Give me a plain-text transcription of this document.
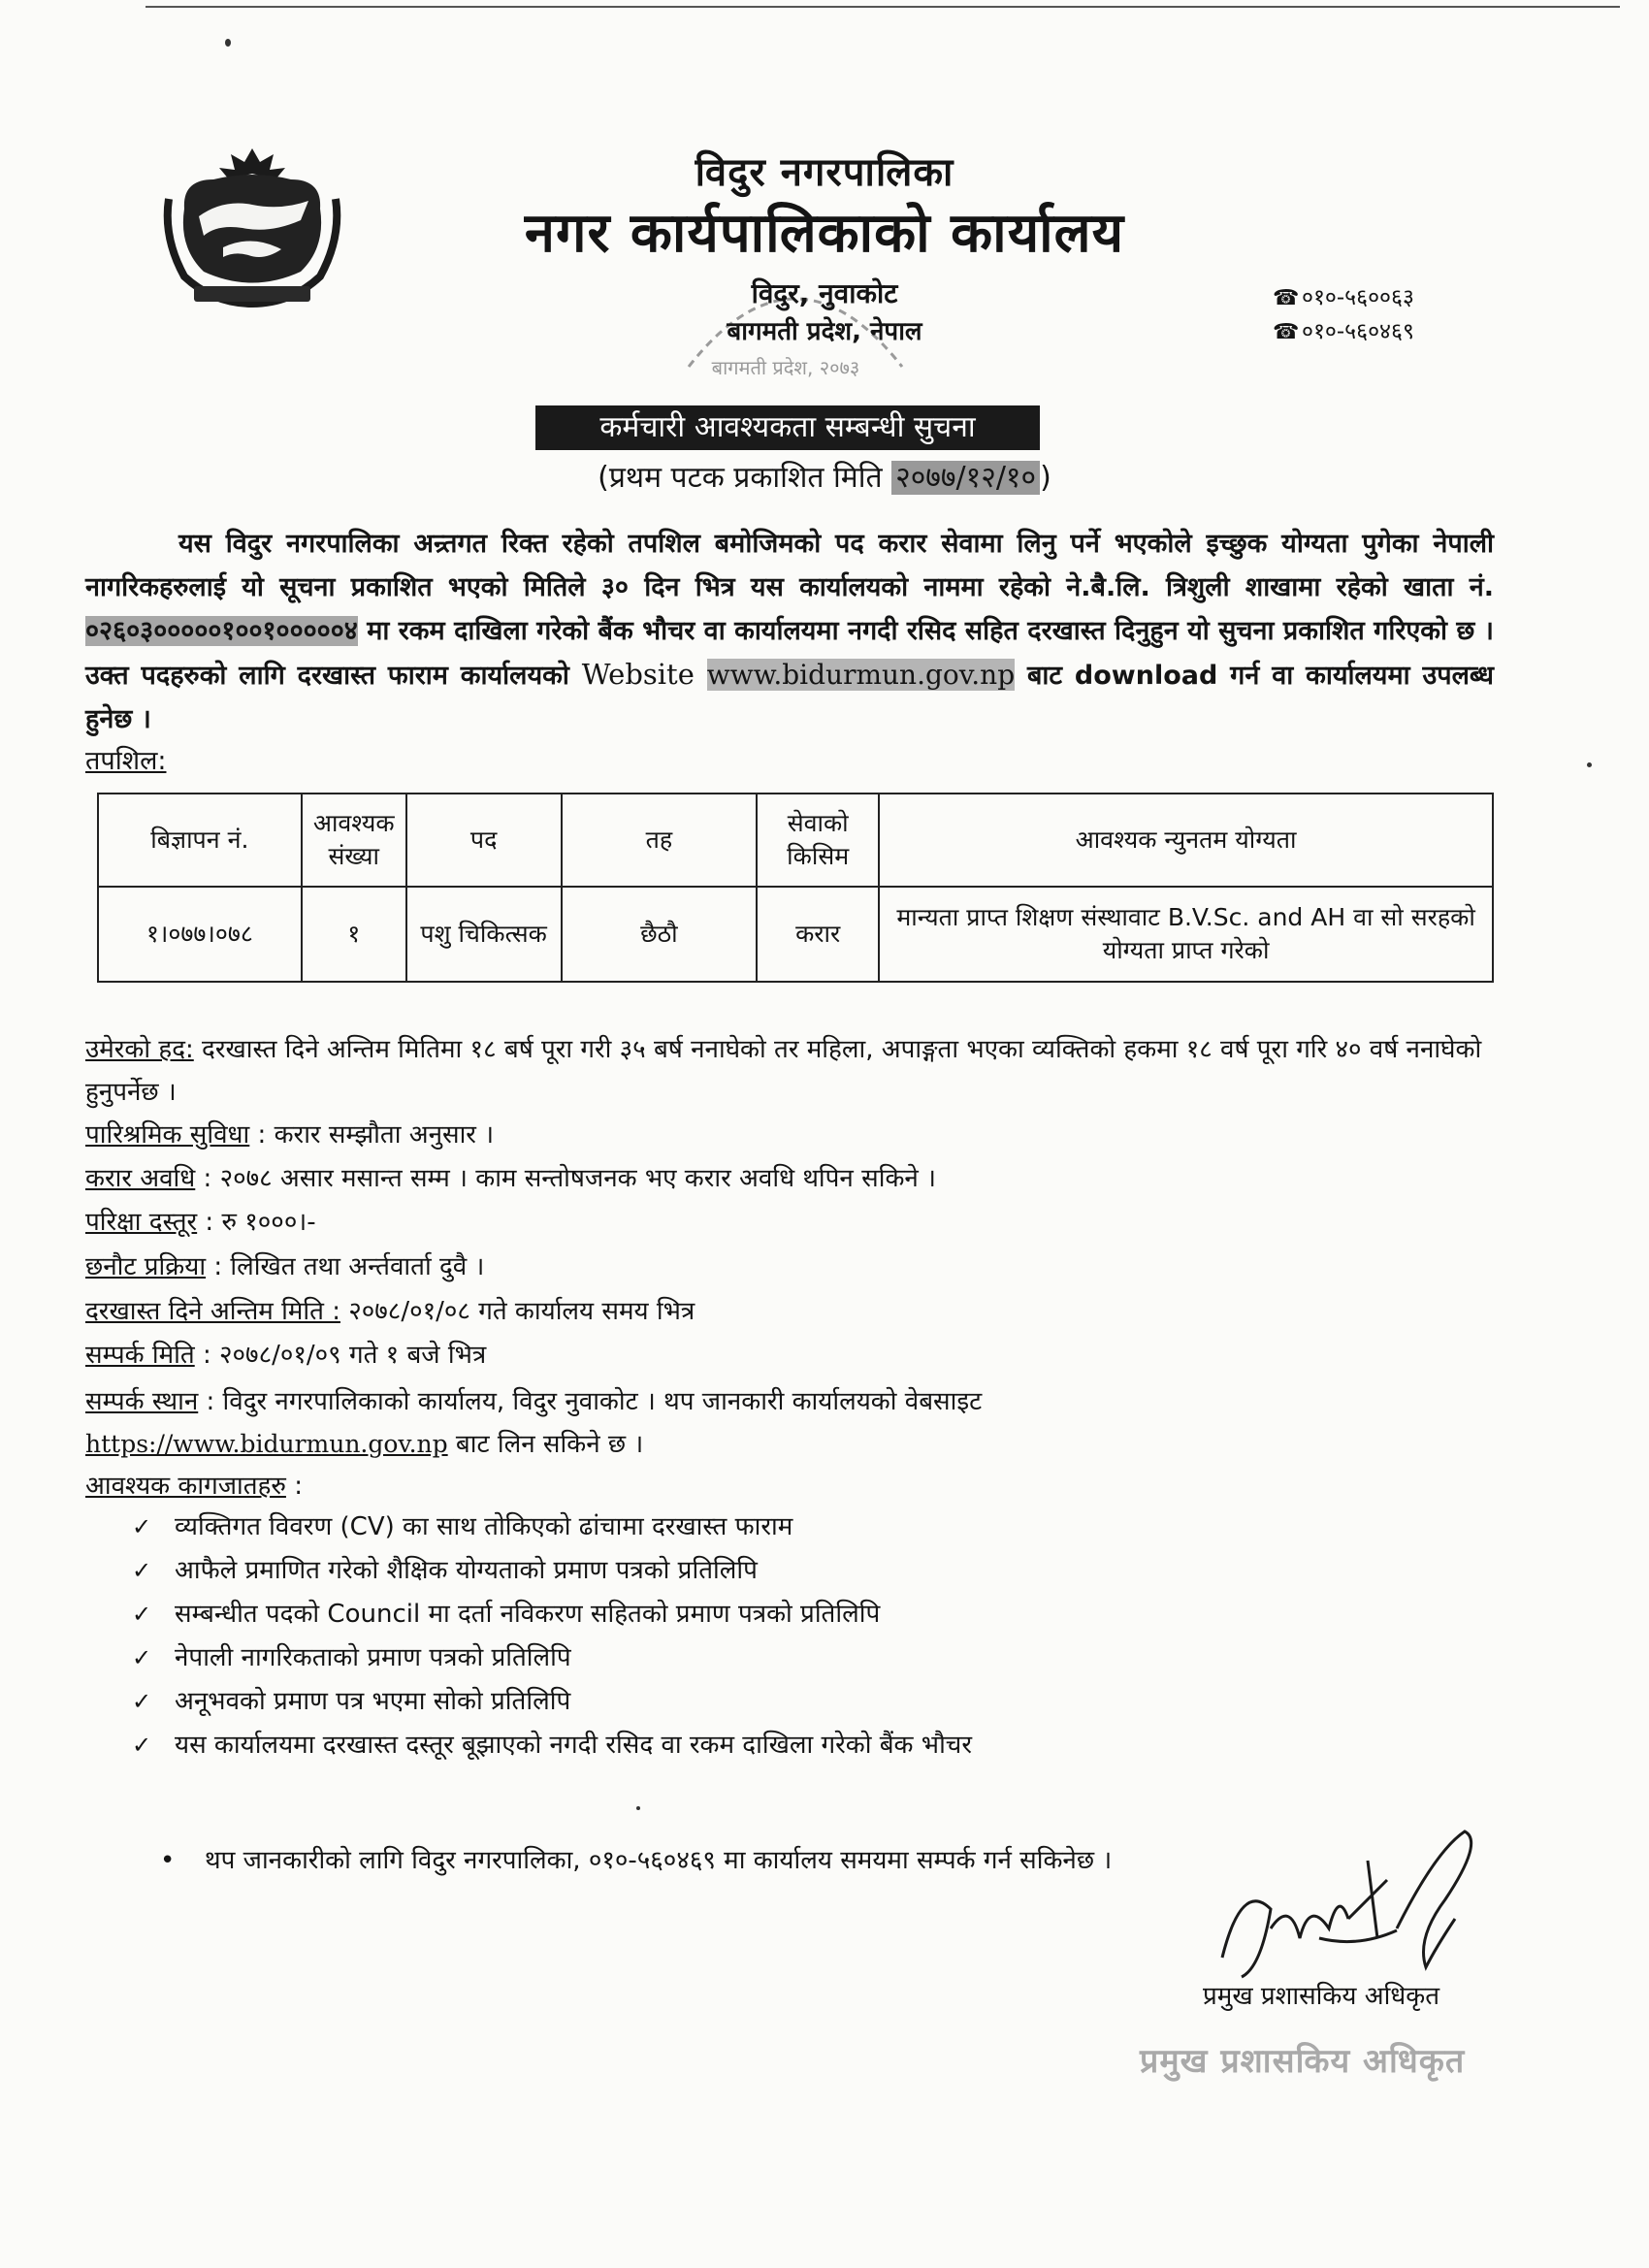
विदुर नगरपालिका
नगर कार्यपालिकाको कार्यालय
बागमती प्रदेश, २०७३
विदुर, नुवाकोट
बागमती प्रदेश, नेपाल
☎ ०१०-५६००६३
☎ ०१०-५६०४६९
कर्मचारी आवश्यकता सम्बन्धी सुचना
(प्रथम पटक प्रकाशित मिति २०७७/१२/१० )
यस विदुर नगरपालिका अन्र्तगत रिक्त रहेको तपशिल बमोजिमको पद करार सेवामा लिनु पर्ने भएकोले इच्छुक योग्यता पुगेका नेपाली नागरिकहरुलाई यो सूचना प्रकाशित भएको मितिले ३० दिन भित्र यस कार्यालयको नाममा रहेको ने.बै.लि. त्रिशुली शाखामा रहेको खाता नं. ०२६०३०००००१००१०००००४ मा रकम दाखिला गरेको बैंक भौचर वा कार्यालयमा नगदी रसिद सहित दरखास्त दिनुहुन यो सुचना प्रकाशित गरिएको छ । उक्त पदहरुको लागि दरखास्त फाराम कार्यालयको Website www.bidurmun.gov.np बाट download गर्न वा कार्यालयमा उपलब्ध हुनेछ ।
तपशिल:
बिज्ञापन नं.	आवश्यक संख्या	पद	तह	सेवाको किसिम	आवश्यक न्युनतम योग्यता
१।०७७।०७८	१	पशु चिकित्सक	छैठौ	करार	मान्यता प्राप्त शिक्षण संस्थावाट B.V.Sc. and AH वा सो सरहको योग्यता प्राप्त गरेको
उमेरको हद: दरखास्त दिने अन्तिम मितिमा १८ बर्ष पूरा गरी ३५ बर्ष ननाघेको तर महिला, अपाङ्गता भएका व्यक्तिको हकमा १८ वर्ष पूरा गरि ४० वर्ष ननाघेको हुनुपर्नेछ ।
पारिश्रमिक सुविधा : करार सम्झौता अनुसार ।
करार अवधि : २०७८ असार मसान्त सम्म । काम सन्तोषजनक भए करार अवधि थपिन सकिने ।
परिक्षा दस्तूर : रु १०००।-
छनौट प्रक्रिया : लिखित तथा अर्न्तवार्ता दुवै ।
दरखास्त दिने अन्तिम मिति : २०७८/०१/०८ गते कार्यालय समय भित्र
सम्पर्क मिति : २०७८/०१/०९ गते १ बजे भित्र
सम्पर्क स्थान : विदुर नगरपालिकाको कार्यालय, विदुर नुवाकोट । थप जानकारी कार्यालयको वेबसाइट
https://www.bidurmun.gov.np बाट लिन सकिने छ ।
आवश्यक कागजातहरु :
✓ व्यक्तिगत विवरण (CV) का साथ तोकिएको ढांचामा दरखास्त फाराम
✓ आफैले प्रमाणित गरेको शैक्षिक योग्यताको प्रमाण पत्रको प्रतिलिपि
✓ सम्बन्धीत पदको Council मा दर्ता नविकरण सहितको प्रमाण पत्रको प्रतिलिपि
✓ नेपाली नागरिकताको प्रमाण पत्रको प्रतिलिपि
✓ अनूभवको प्रमाण पत्र भएमा सोको प्रतिलिपि
✓ यस कार्यालयमा दरखास्त दस्तूर बूझाएको नगदी रसिद वा रकम दाखिला गरेको बैंक भौचर
• थप जानकारीको लागि विदुर नगरपालिका, ०१०-५६०४६९ मा कार्यालय समयमा सम्पर्क गर्न सकिनेछ ।
प्रमुख प्रशासकिय अधिकृत
प्रमुख प्रशासकिय अधिकृत
